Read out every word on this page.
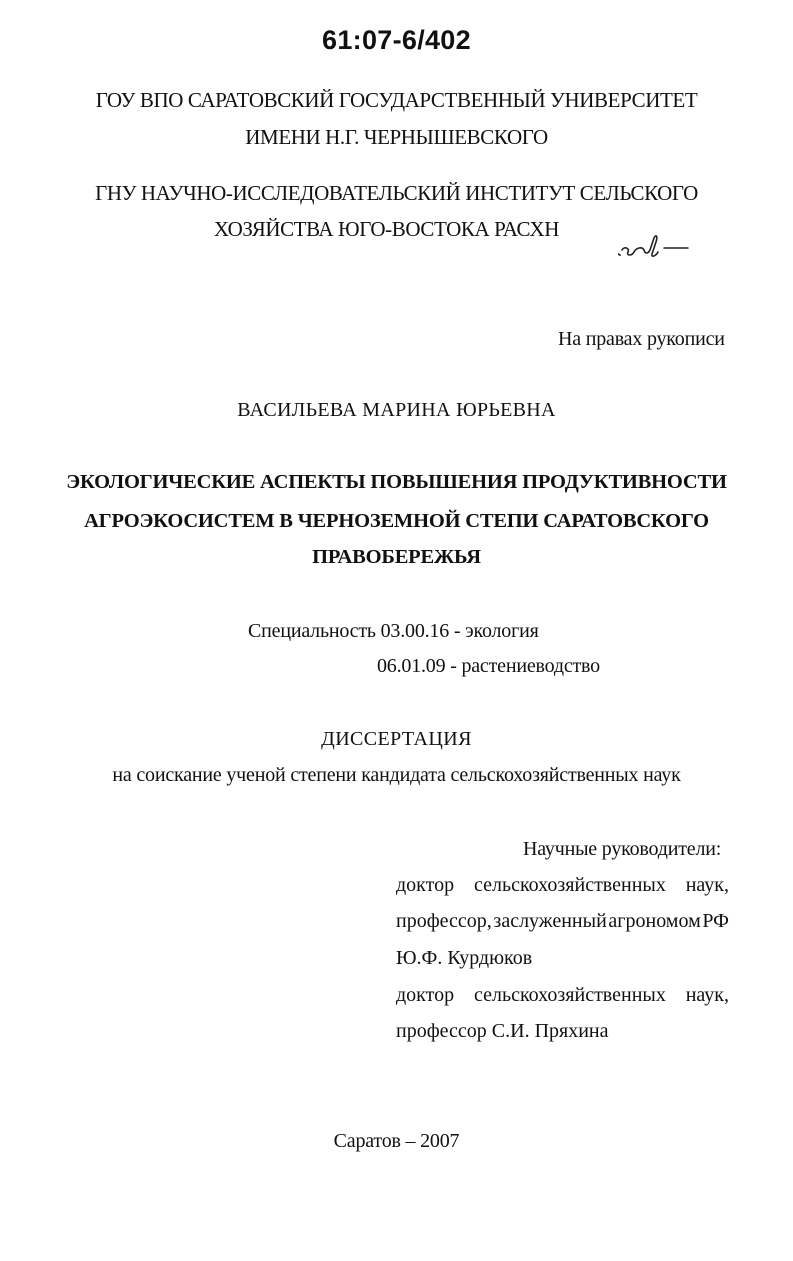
61:07-6/402
ГОУ ВПО САРАТОВСКИЙ ГОСУДАРСТВЕННЫЙ УНИВЕРСИТЕТ
ИМЕНИ Н.Г. ЧЕРНЫШЕВСКОГО
ГНУ НАУЧНО-ИССЛЕДОВАТЕЛЬСКИЙ ИНСТИТУТ СЕЛЬСКОГО
ХОЗЯЙСТВА ЮГО-ВОСТОКА РАСХН
На правах рукописи
ВАСИЛЬЕВА МАРИНА ЮРЬЕВНА
ЭКОЛОГИЧЕСКИЕ АСПЕКТЫ ПОВЫШЕНИЯ ПРОДУКТИВНОСТИ
АГРОЭКОСИСТЕМ В ЧЕРНОЗЕМНОЙ СТЕПИ САРАТОВСКОГО
ПРАВОБЕРЕЖЬЯ
Специальность 03.00.16 - экология
06.01.09 - растениеводство
ДИССЕРТАЦИЯ
на соискание ученой степени кандидата сельскохозяйственных наук
Научные руководители:
доктор сельскохозяйственных наук,
профессор, заслуженный агрономом РФ
Ю.Ф. Курдюков
доктор сельскохозяйственных наук,
профессор С.И. Пряхина
Саратов – 2007
